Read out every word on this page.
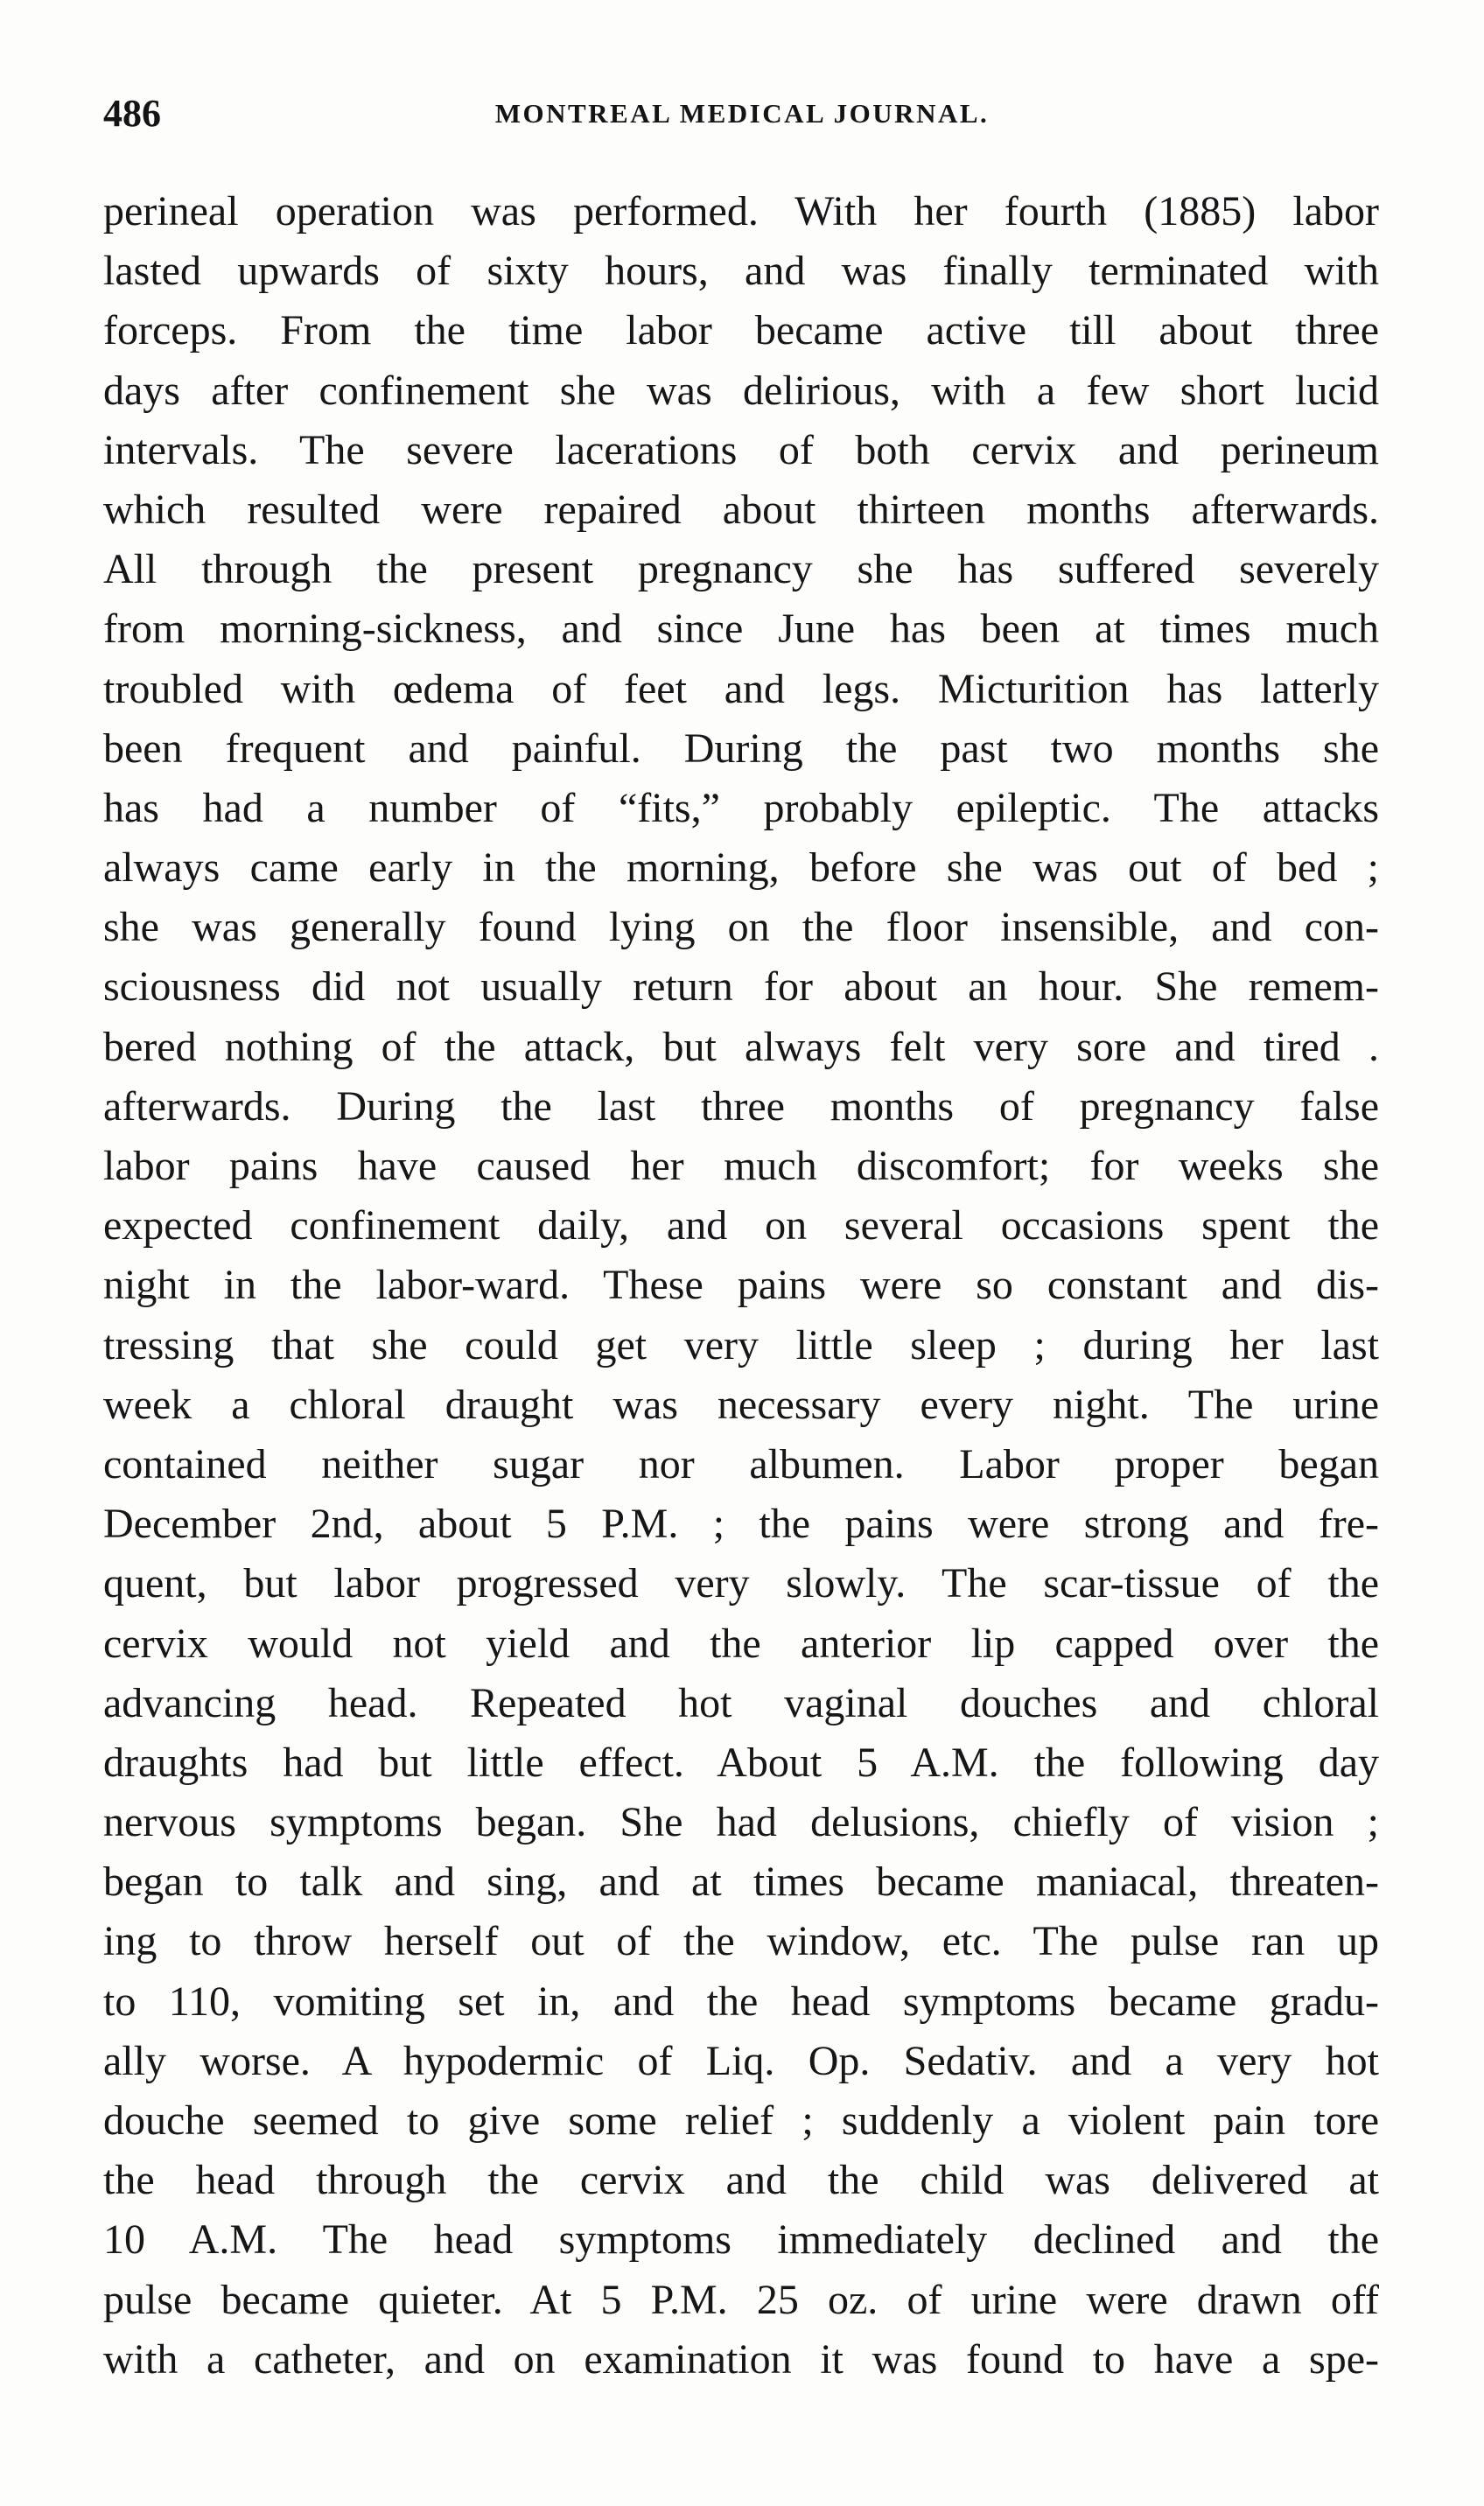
486	MONTREAL MEDICAL JOURNAL.
perineal operation was performed. With her fourth (1885) labor
lasted upwards of sixty hours, and was finally terminated with
forceps. From the time labor became active till about three
days after confinement she was delirious, with a few short lucid
intervals. The severe lacerations of both cervix and perineum
which resulted were repaired about thirteen months afterwards.
All through the present pregnancy she has suffered severely
from morning-sickness, and since June has been at times much
troubled with œdema of feet and legs. Micturition has latterly
been frequent and painful. During the past two months she
has had a number of “fits,” probably epileptic. The attacks
always came early in the morning, before she was out of bed ;
she was generally found lying on the floor insensible, and con-
sciousness did not usually return for about an hour. She remem-
bered nothing of the attack, but always felt very sore and tired .
afterwards. During the last three months of pregnancy false
labor pains have caused her much discomfort; for weeks she
expected confinement daily, and on several occasions spent the
night in the labor-ward. These pains were so constant and dis-
tressing that she could get very little sleep ; during her last
week a chloral draught was necessary every night. The urine
contained neither sugar nor albumen. Labor proper began
December 2nd, about 5 P.M. ; the pains were strong and fre-
quent, but labor progressed very slowly. The scar-tissue of the
cervix would not yield and the anterior lip capped over the
advancing head. Repeated hot vaginal douches and chloral
draughts had but little effect. About 5 A.M. the following day
nervous symptoms began. She had delusions, chiefly of vision ;
began to talk and sing, and at times became maniacal, threaten-
ing to throw herself out of the window, etc. The pulse ran up
to 110, vomiting set in, and the head symptoms became gradu-
ally worse. A hypodermic of Liq. Op. Sedativ. and a very hot
douche seemed to give some relief ; suddenly a violent pain tore
the head through the cervix and the child was delivered at
10 A.M. The head symptoms immediately declined and the
pulse became quieter. At 5 P.M. 25 oz. of urine were drawn off
with a catheter, and on examination it was found to have a spe-
